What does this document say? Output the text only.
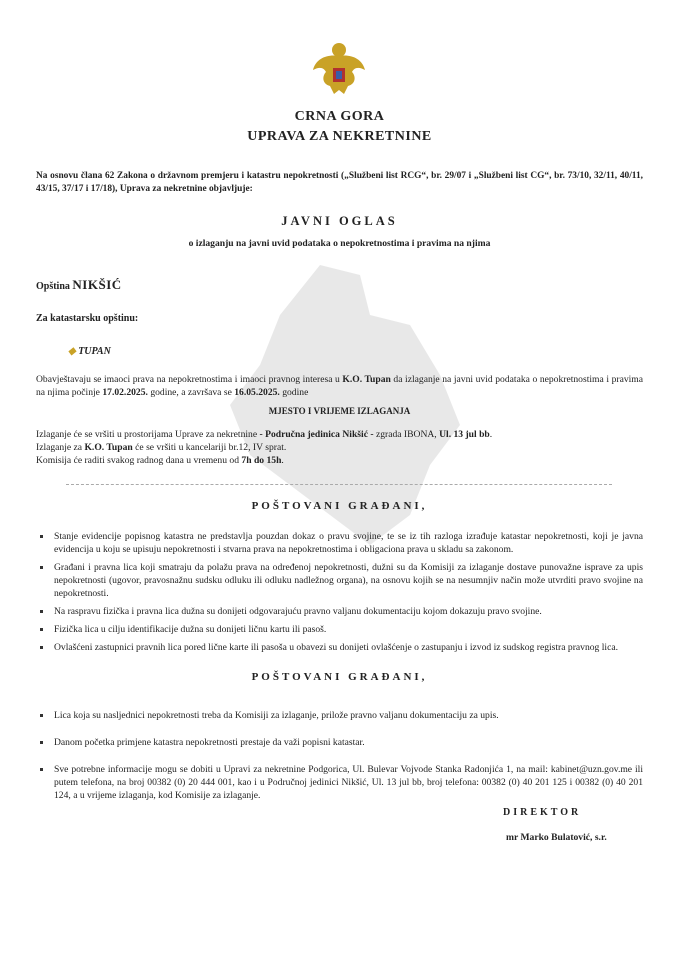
CRNA GORA
UPRAVA ZA NEKRETNINE
Na osnovu člana 62 Zakona o državnom premjeru i katastru nepokretnosti („Službeni list RCG“, br. 29/07 i „Službeni list CG“, br. 73/10, 32/11, 40/11, 43/15, 37/17 i 17/18), Uprava za nekretnine objavljuje:
JAVNI OGLAS
o izlaganju na javni uvid podataka o nepokretnostima i pravima na njima
Opština NIKŠIĆ
Za katastarsku opštinu:
◆ TUPAN
Obavještavaju se imaoci prava na nepokretnostima i imaoci pravnog interesa u K.O. Tupan da izlaganje na javni uvid podataka o nepokretnostima i pravima na njima počinje 17.02.2025. godine, a završava se 16.05.2025. godine
MJESTO I VRIJEME IZLAGANJA
Izlaganje će se vršiti u prostorijama Uprave za nekretnine - Područna jedinica Nikšić - zgrada IBONA, Ul. 13 jul bb.
Izlaganje za K.O. Tupan će se vršiti u kancelariji br.12, IV sprat.
Komisija će raditi svakog radnog dana u vremenu od 7h do 15h.
POŠTOVANI GRAĐANI,
Stanje evidencije popisnog katastra ne predstavlja pouzdan dokaz o pravu svojine, te se iz tih razloga izrađuje katastar nepokretnosti, koji je javna evidencija u koju se upisuju nepokretnosti i stvarna prava na nepokretnostima i obligaciona prava u skladu sa zakonom.
Građani i pravna lica koji smatraju da polažu prava na određenoj nepokretnosti, dužni su da Komisiji za izlaganje dostave punovažne isprave za upis nepokretnosti (ugovor, pravosnažnu sudsku odluku ili odluku nadležnog organa), na osnovu kojih se na nesumnjiv način može utvrditi pravo svojine na nepokretnosti.
Na raspravu fizička i pravna lica dužna su donijeti odgovarajuću pravno valjanu dokumentaciju kojom dokazuju pravo svojine.
Fizička lica u cilju identifikacije dužna su donijeti ličnu kartu ili pasoš.
Ovlašćeni zastupnici pravnih lica pored lične karte ili pasoša u obavezi su donijeti ovlašćenje o zastupanju i izvod iz sudskog registra pravnog lica.
POŠTOVANI GRAĐANI,
Lica koja su nasljednici nepokretnosti treba da Komisiji za izlaganje, prilože pravno valjanu dokumentaciju za upis.
Danom početka primjene katastra nepokretnosti prestaje da važi popisni katastar.
Sve potrebne informacije mogu se dobiti u Upravi za nekretnine Podgorica, Ul. Bulevar Vojvode Stanka Radonjića 1, na mail: kabinet@uzn.gov.me ili putem telefona, na broj 00382 (0) 20 444 001, kao i u Područnoj jedinici Nikšić, Ul. 13 jul bb, broj telefona: 00382 (0) 40 201 125 i 00382 (0) 40 201 124, a u vrijeme izlaganja, kod Komisije za izlaganje.
DIREKTOR
mr Marko Bulatović, s.r.
